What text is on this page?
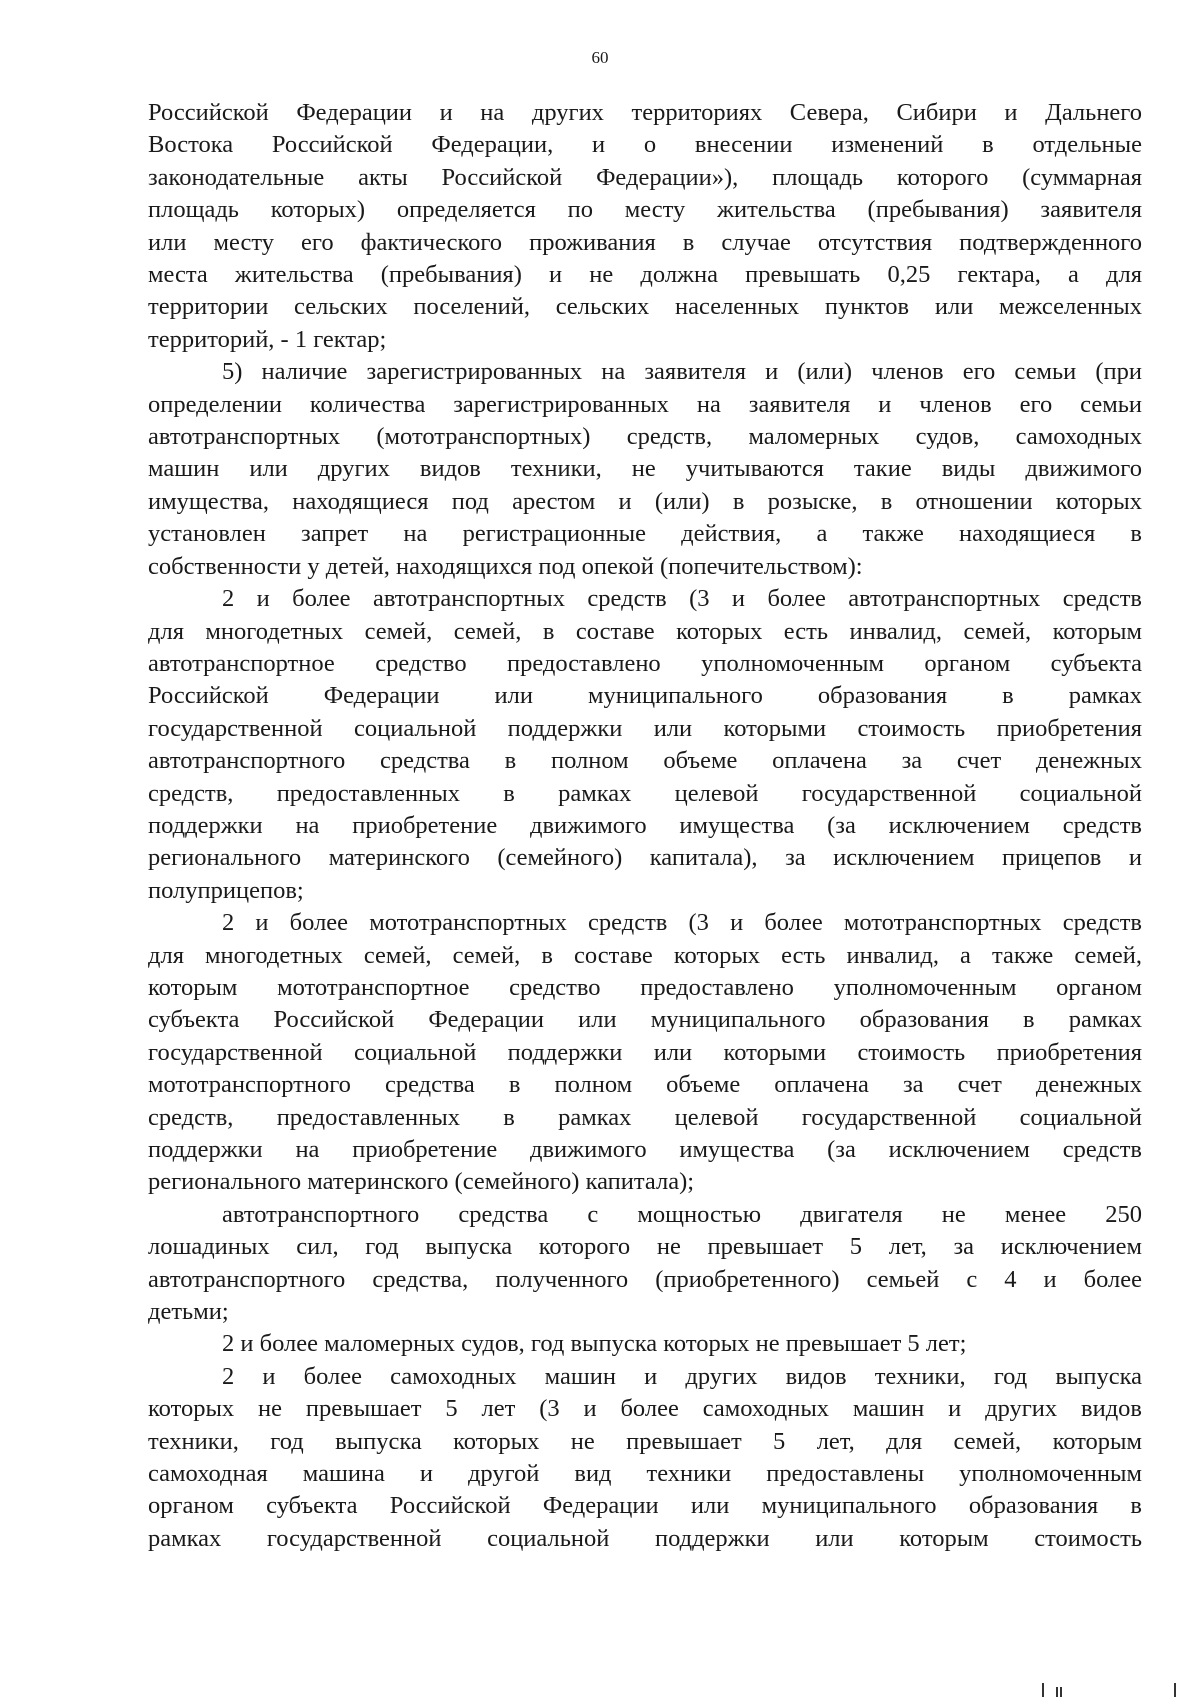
60
Российской Федерации и на других территориях Севера, Сибири и Дальнего
Востока Российской Федерации, и о внесении изменений в отдельные
законодательные акты Российской Федерации»), площадь которого (суммарная
площадь которых) определяется по месту жительства (пребывания) заявителя
или месту его фактического проживания в случае отсутствия подтвержденного
места жительства (пребывания) и не должна превышать 0,25 гектара, а для
территории сельских поселений, сельских населенных пунктов или межселенных
территорий, - 1 гектар;
5) наличие зарегистрированных на заявителя и (или) членов его семьи (при
определении количества зарегистрированных на заявителя и членов его семьи
автотранспортных (мототранспортных) средств, маломерных судов, самоходных
машин или других видов техники, не учитываются такие виды движимого
имущества, находящиеся под арестом и (или) в розыске, в отношении которых
установлен запрет на регистрационные действия, а также находящиеся в
собственности у детей, находящихся под опекой (попечительством):
2 и более автотранспортных средств (3 и более автотранспортных средств
для многодетных семей, семей, в составе которых есть инвалид, семей, которым
автотранспортное средство предоставлено уполномоченным органом субъекта
Российской Федерации или муниципального образования в рамках
государственной социальной поддержки или которыми стоимость приобретения
автотранспортного средства в полном объеме оплачена за счет денежных
средств, предоставленных в рамках целевой государственной социальной
поддержки на приобретение движимого имущества (за исключением средств
регионального материнского (семейного) капитала), за исключением прицепов и
полуприцепов;
2 и более мототранспортных средств (3 и более мототранспортных средств
для многодетных семей, семей, в составе которых есть инвалид, а также семей,
которым мототранспортное средство предоставлено уполномоченным органом
субъекта Российской Федерации или муниципального образования в рамках
государственной социальной поддержки или которыми стоимость приобретения
мототранспортного средства в полном объеме оплачена за счет денежных
средств, предоставленных в рамках целевой государственной социальной
поддержки на приобретение движимого имущества (за исключением средств
регионального материнского (семейного) капитала);
автотранспортного средства с мощностью двигателя не менее 250
лошадиных сил, год выпуска которого не превышает 5 лет, за исключением
автотранспортного средства, полученного (приобретенного) семьей с 4 и более
детьми;
2 и более маломерных судов, год выпуска которых не превышает 5 лет;
2 и более самоходных машин и других видов техники, год выпуска
которых не превышает 5 лет (3 и более самоходных машин и других видов
техники, год выпуска которых не превышает 5 лет, для семей, которым
самоходная машина и другой вид техники предоставлены уполномоченным
органом субъекта Российской Федерации или муниципального образования в
рамках государственной социальной поддержки или которым стоимость
